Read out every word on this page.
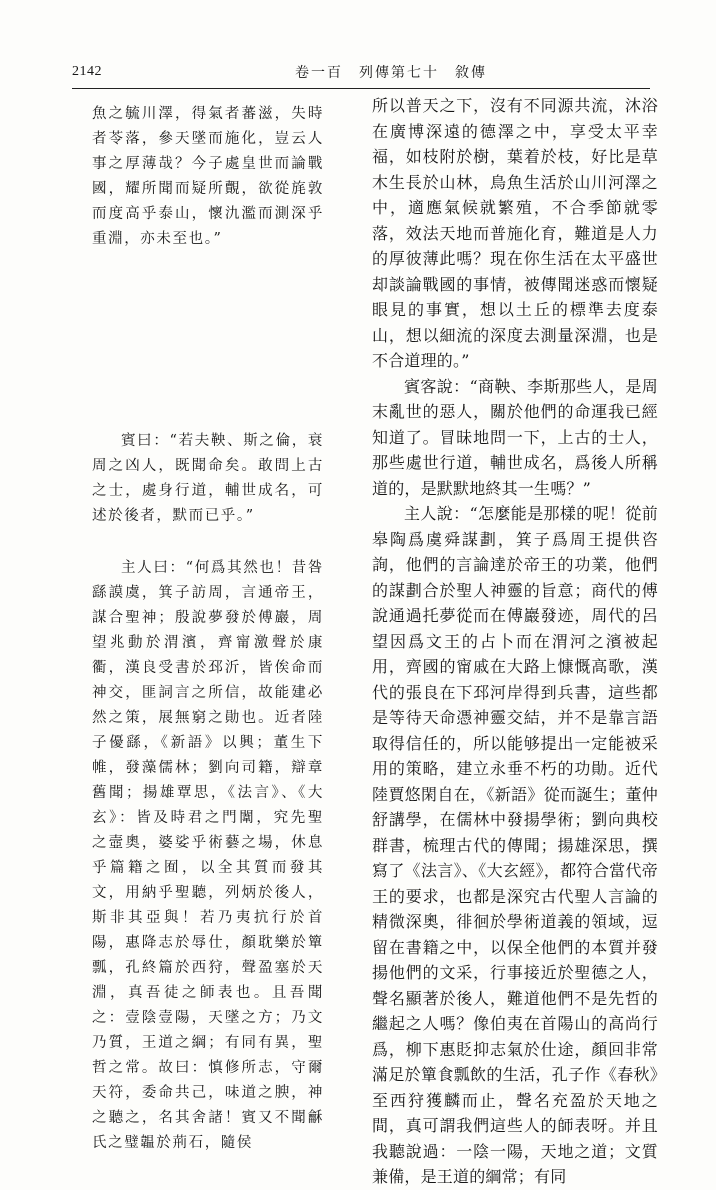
2142	卷一百　列傳第七十　敘傳

魚之毓川澤，得氣者蕃滋，失時者苓落，參天墜而施化，豈云人事之厚薄哉？今子處皇世而論戰國，耀所聞而疑所覿，欲從旄敦而度高乎泰山，懷氿濫而測深乎重淵，亦未至也。”

賓曰：“若夫鞅、斯之倫，衰周之凶人，既聞命矣。敢問上古之士，處身行道，輔世成名，可述於後者，默而已乎。”

主人曰：“何爲其然也！昔咎繇謨虞，箕子訪周，言通帝王，謀合聖神；殷說夢發於傅巖，周望兆動於渭濱，齊甯激聲於康衢，漢良受書於邳沂，皆俟命而神交，匪詞言之所信，故能建必然之策，展無窮之勛也。近者陸子優繇，《新語》以興；董生下帷，發藻儒林；劉向司籍，辯章舊聞；揚雄覃思，《法言》、《大玄》：皆及時君之門闈，究先聖之壼奧，婆娑乎術藝之場，休息乎篇籍之囿，以全其質而發其文，用納乎聖聽，列炳於後人，斯非其亞與！若乃夷抗行於首陽，惠降志於辱仕，顏耽樂於簞瓢，孔終篇於西狩，聲盈塞於天淵，真吾徒之師表也。且吾聞之：壹陰壹陽，天墜之方；乃文乃質，王道之綱；有同有異，聖哲之常。故曰：慎修所志，守爾天符，委命共己，味道之腴，神之聽之，名其舍諸！賓又不聞龢氏之璧韞於荊石，隨侯

所以普天之下，沒有不同源共流，沐浴在廣博深遠的德澤之中，享受太平幸福，如枝附於樹，葉着於枝，好比是草木生長於山林，鳥魚生活於山川河澤之中，適應氣候就繁殖，不合季節就零落，效法天地而普施化育，難道是人力的厚彼薄此嗎？現在你生活在太平盛世却談論戰國的事情，被傳聞迷惑而懷疑眼見的事實，想以土丘的標準去度泰山，想以細流的深度去測量深淵，也是不合道理的。”

賓客說：“商鞅、李斯那些人，是周末亂世的惡人，關於他們的命運我已經知道了。冒昧地問一下，上古的士人，那些處世行道，輔世成名，爲後人所稱道的，是默默地終其一生嗎？”

主人說：“怎麼能是那樣的呢！從前皋陶爲虞舜謀劃，箕子爲周王提供咨詢，他們的言論達於帝王的功業，他們的謀劃合於聖人神靈的旨意；商代的傅說通過托夢從而在傅巖發迹，周代的呂望因爲文王的占卜而在渭河之濱被起用，齊國的甯戚在大路上慷慨高歌，漢代的張良在下邳河岸得到兵書，這些都是等待天命憑神靈交結，并不是靠言語取得信任的，所以能够提出一定能被采用的策略，建立永垂不朽的功勛。近代陸賈悠閑自在，《新語》從而誕生；董仲舒講學，在儒林中發揚學術；劉向典校群書，梳理古代的傳聞；揚雄深思，撰寫了《法言》、《大玄經》，都符合當代帝王的要求，也都是深究古代聖人言論的精微深奧，徘徊於學術道義的領域，逗留在書籍之中，以保全他們的本質并發揚他們的文采，行事接近於聖德之人，聲名顯著於後人，難道他們不是先哲的繼起之人嗎？像伯夷在首陽山的高尚行爲，柳下惠貶抑志氣於仕途，顏回非常滿足於簞食瓢飲的生活，孔子作《春秋》至西狩獲麟而止，聲名充盈於天地之間，真可謂我們這些人的師表呀。并且我聽說過：一陰一陽，天地之道；文質兼備，是王道的綱常；有同
